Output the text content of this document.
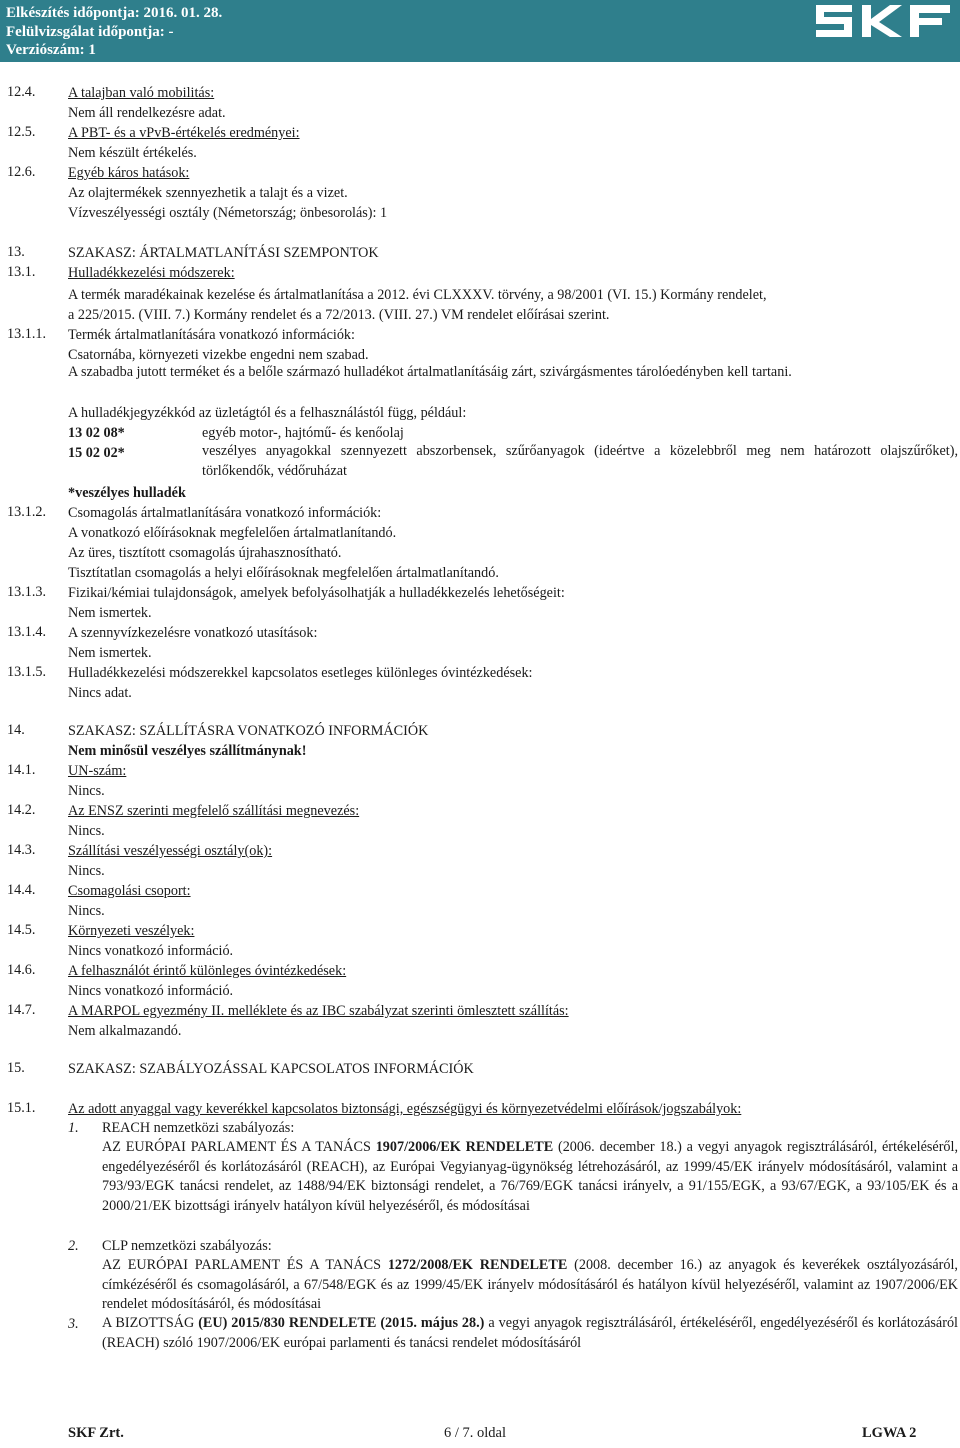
Elkészítés időpontja: 2016. 01. 28.
Felülvizsgálat időpontja: -
Verziószám: 1
12.4. A talajban való mobilitás:
Nem áll rendelkezésre adat.
12.5. A PBT- és a vPvB-értékelés eredményei:
Nem készült értékelés.
12.6. Egyéb káros hatások:
Az olajtermékek szennyezhetik a talajt és a vizet.
Vízveszélyességi osztály (Németország; önbesorolás): 1
13.	SZAKASZ: ÁRTALMATLANÍTÁSI SZEMPONTOK
13.1. Hulladékkezelési módszerek:
A termék maradékainak kezelése és ártalmatlanítása a 2012. évi CLXXXV. törvény, a 98/2001 (VI. 15.) Kormány rendelet,
a 225/2015. (VIII. 7.) Kormány rendelet és a 72/2013. (VIII. 27.) VM rendelet előírásai szerint.
13.1.1. Termék ártalmatlanítására vonatkozó információk:
Csatornába, környezeti vizekbe engedni nem szabad.
A szabadba jutott terméket és a belőle származó hulladékot ártalmatlanításáig zárt, szivárgásmentes tárolóedényben kell tartani.
A hulladékjegyzékkód az üzletágtól és a felhasználástól függ, például:
13 02 08*	egyéb motor-, hajtómű- és kenőolaj
15 02 02*	veszélyes anyagokkal szennyezett abszorbensek, szűrőanyagok (ideértve a közelebbről meg nem határozott olajszűrőket), törlőkendők, védőruházat
*veszélyes hulladék
13.1.2. Csomagolás ártalmatlanítására vonatkozó információk:
A vonatkozó előírásoknak megfelelően ártalmatlanítandó.
Az üres, tisztított csomagolás újrahasznosítható.
Tisztítatlan csomagolás a helyi előírásoknak megfelelően ártalmatlanítandó.
13.1.3. Fizikai/kémiai tulajdonságok, amelyek befolyásolhatják a hulladékkezelés lehetőségeit:
Nem ismertek.
13.1.4. A szennyvízkezelésre vonatkozó utasítások:
Nem ismertek.
13.1.5. Hulladékkezelési módszerekkel kapcsolatos esetleges különleges óvintézkedések:
Nincs adat.
14.	SZAKASZ: SZÁLLÍTÁSRA VONATKOZÓ INFORMÁCIÓK
Nem minősül veszélyes szállítmánynak!
14.1. UN-szám:
Nincs.
14.2. Az ENSZ szerinti megfelelő szállítási megnevezés:
Nincs.
14.3. Szállítási veszélyességi osztály(ok):
Nincs.
14.4. Csomagolási csoport:
Nincs.
14.5. Környezeti veszélyek:
Nincs vonatkozó információ.
14.6. A felhasználót érintő különleges óvintézkedések:
Nincs vonatkozó információ.
14.7. A MARPOL egyezmény II. melléklete és az IBC szabályzat szerinti ömlesztett szállítás:
Nem alkalmazandó.
15.	SZAKASZ: SZABÁLYOZÁSSAL KAPCSOLATOS INFORMÁCIÓK
15.1. Az adott anyaggal vagy keverékkel kapcsolatos biztonsági, egészségügyi és környezetvédelmi előírások/jogszabályok:
1. REACH nemzetközi szabályozás:
AZ EURÓPAI PARLAMENT ÉS A TANÁCS 1907/2006/EK RENDELETE (2006. december 18.) a vegyi anyagok regisztrálásáról, értékeléséről, engedélyezéséről és korlátozásáról (REACH), az Európai Vegyianyag-ügynökség létrehozásáról, az 1999/45/EK irányelv módosításáról, valamint a 793/93/EGK tanácsi rendelet, az 1488/94/EK biztonsági rendelet, a 76/769/EGK tanácsi irányelv, a 91/155/EGK, a 93/67/EGK, a 93/105/EK és a 2000/21/EK bizottsági irányelv hatályon kívül helyezéséről, és módosításai
2. CLP nemzetközi szabályozás:
AZ EURÓPAI PARLAMENT ÉS A TANÁCS 1272/2008/EK RENDELETE (2008. december 16.) az anyagok és keverékek osztályozásáról, címkézéséről és csomagolásáról, a 67/548/EGK és az 1999/45/EK irányelv módosításáról és hatályon kívül helyezéséről, valamint az 1907/2006/EK rendelet módosításáról, és módosításai
3. A BIZOTTSÁG (EU) 2015/830 RENDELETE (2015. május 28.) a vegyi anyagok regisztrálásáról, értékeléséről, engedélyezéséről és korlátozásáról (REACH) szóló 1907/2006/EK európai parlamenti és tanácsi rendelet módosításáról
SKF Zrt.	6 / 7. oldal	LGWA 2
